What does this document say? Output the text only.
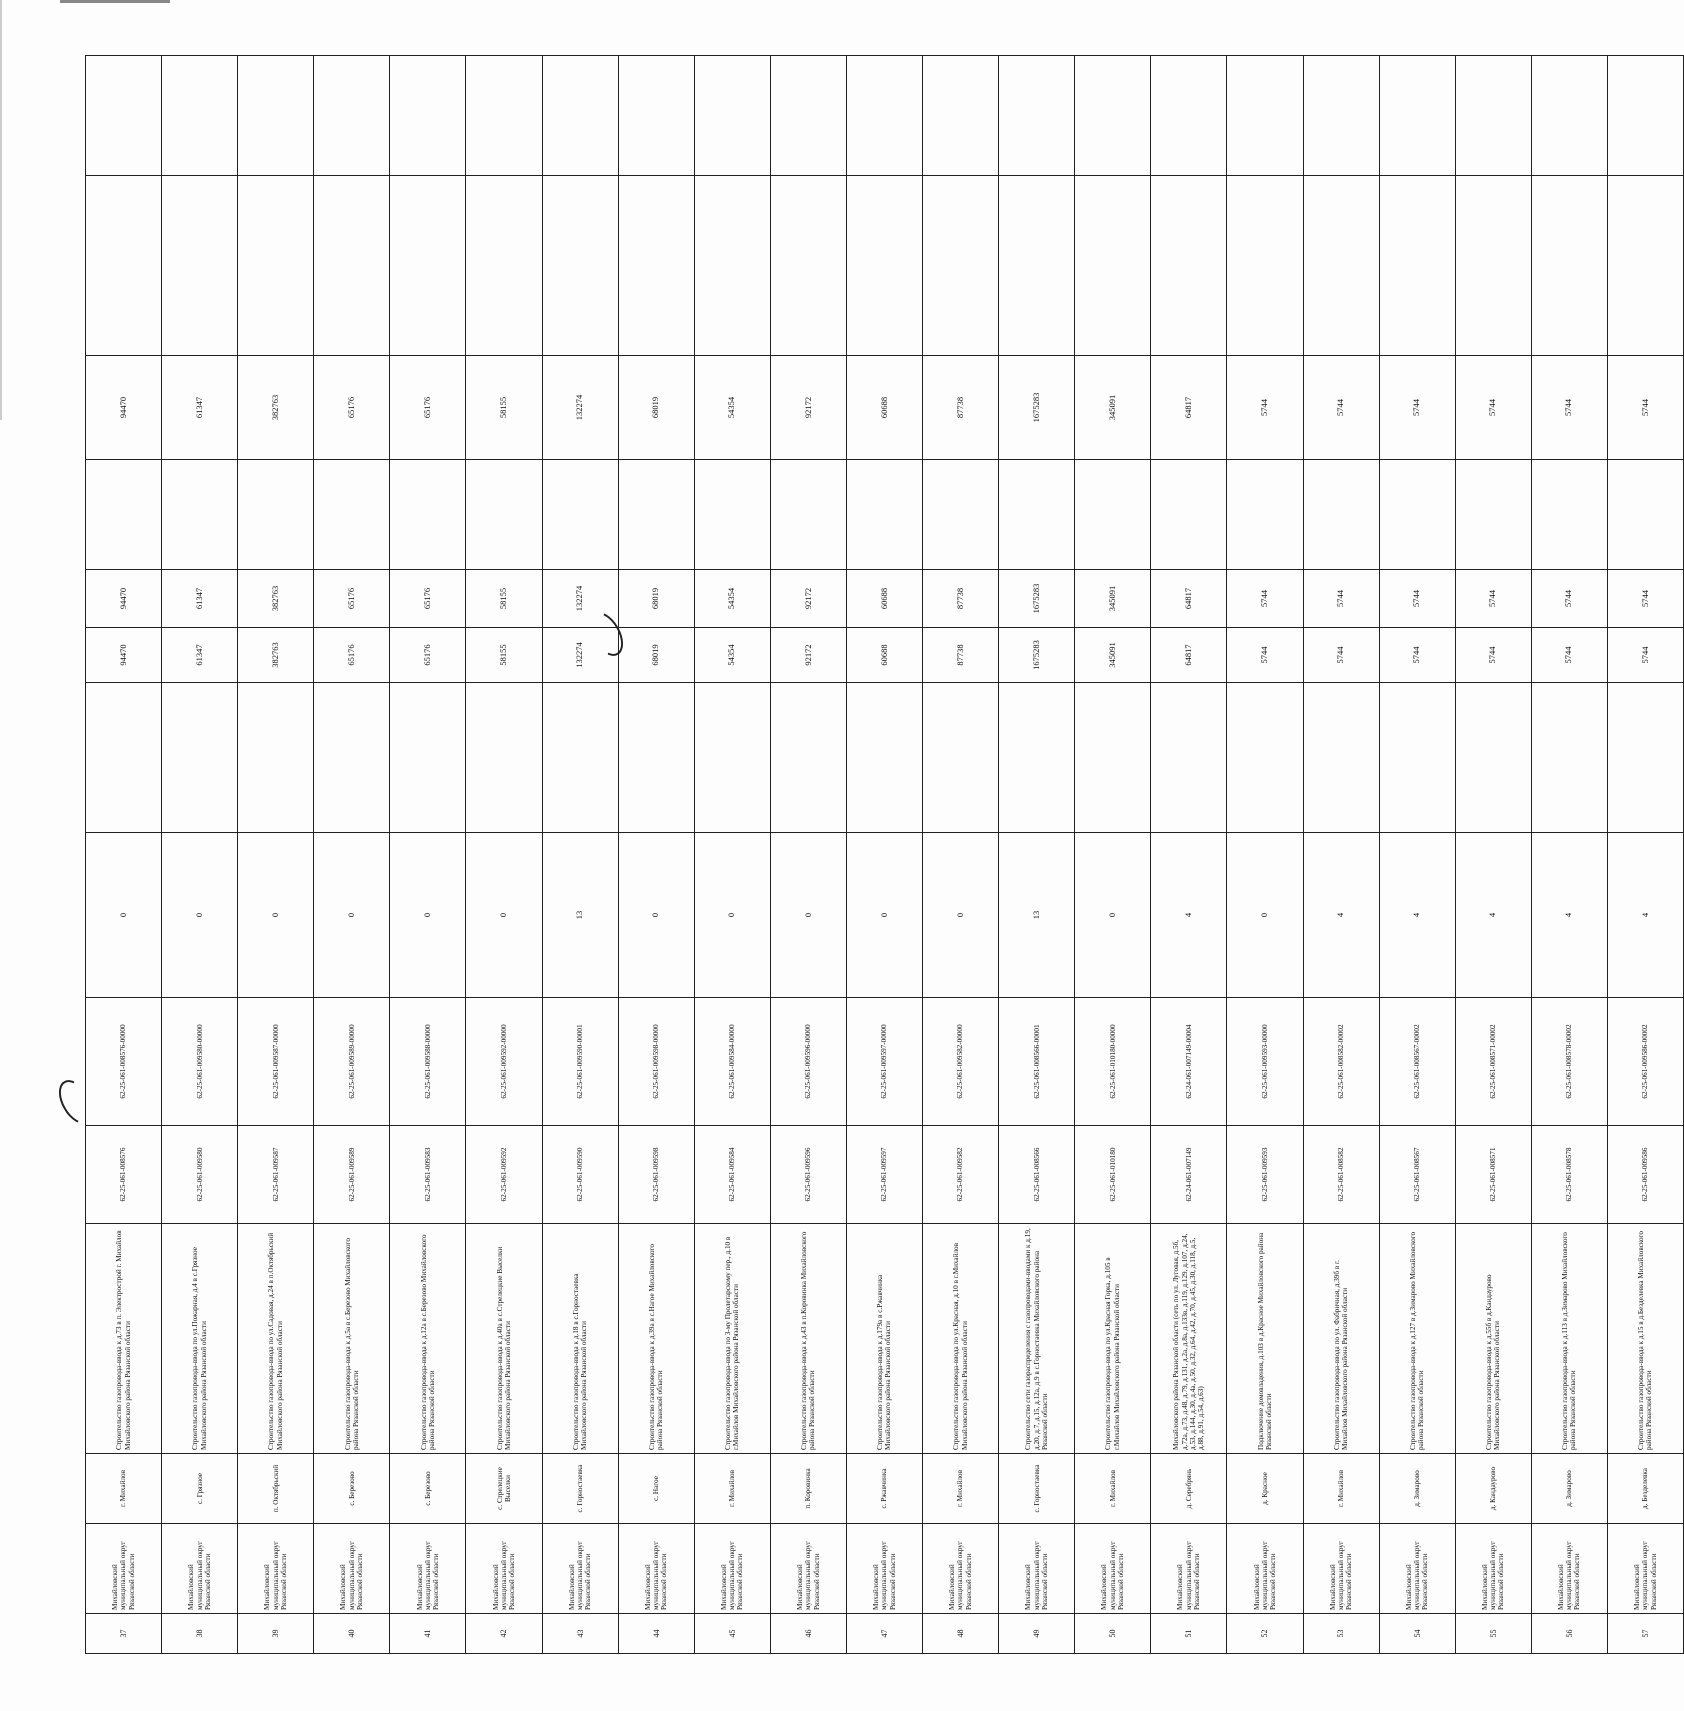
37	Михайловский муниципальный округ Рязанской области	г. Михайлов	Строительство газопровода-ввода к д.73 в п. Электрострой г. Михайлов Михайловского района Рязанской области	62-25-061-008576	62-25-061-008576-00000	0		94470	94470		94470		
38	Михайловский муниципальный округ Рязанской области	с. Грязное	Строительство газопровода-ввода по ул.Пожарная, д.4 в с.Грязное Михайловского района Рязанской области	62-25-061-009580	62-25-061-009580-00000	0		61347	61347		61347		
39	Михайловский муниципальный округ Рязанской области	п. Октябрьский	Строительство газопровода-ввода по ул.Садовая, д.24 в п.Октябрьский Михайловского района Рязанской области	62-25-061-009587	62-25-061-009587-00000	0		382763	382763		382763		
40	Михайловский муниципальный округ Рязанской области	с. Березово	Строительство газопровода-ввода к д.5а в с.Березово Михайловского района Рязанской области	62-25-061-009589	62-25-061-009589-00000	0		65176	65176		65176		
41	Михайловский муниципальный округ Рязанской области	с. Березово	Строительство газопровода-ввода к д.12а в с.Березово Михайловского района Рязанской области	62-25-061-009583	62-25-061-009588-00000	0		65176	65176		65176		
42	Михайловский муниципальный округ Рязанской области	с. Стрелецкие Выселки	Строительство газопровода-ввода к д.40а в с.Стрелецкие Выселки Михайловского района Рязанской области	62-25-061-009592	62-25-061-009592-00000	0		58155	58155		58155		
43	Михайловский муниципальный округ Рязанской области	с. Горностаевка	Строительство газопровода-ввода к д.18 в с.Горностаевка Михайловского района Рязанской области	62-25-061-009590	62-25-061-009590-00001	13		132274	132274		132274		
44	Михайловский муниципальный округ Рязанской области	с. Нагое	Строительство газопровода-ввода к д.39а в с.Нагое Михайловского района Рязанской области	62-25-061-009598	62-25-061-009598-00000	0		68019	68019		68019		
45	Михайловский муниципальный округ Рязанской области	г. Михайлов	Строительство газопровода-ввода по 3-му Пролетарскому пер., д.10 в г.Михайлов Михайловского района Рязанской области	62-25-061-009584	62-25-061-009584-00000	0		54354	54354		54354		
46	Михайловский муниципальный округ Рязанской области	п. Коровинка	Строительство газопровода-ввода к д.43 в п.Коровинка Михайловского района Рязанской области	62-25-061-009596	62-25-061-009596-00000	0		92172	92172		92172		
47	Михайловский муниципальный округ Рязанской области	с. Ржавчинка	Строительство газопровода-ввода к д.179а в с.Ржавчинка Михайловского района Рязанской области	62-25-061-009597	62-25-061-009597-00000	0		60688	60688		60688		
48	Михайловский муниципальный округ Рязанской области	г. Михайлов	Строительство газопровода-ввода по ул.Красная, д.10 в г.Михайлов Михайловского района Рязанской области	62-25-061-009582	62-25-061-009582-00000	0		87738	87738		87738		
49	Михайловский муниципальный округ Рязанской области	с. Горностаевка	Строительство сети газораспределения с газопроводами-вводами к д.19, д.20, д.7, д.15, д.12а, д.9 в с.Горностаевка Михайловского района Рязанской области	62-25-061-008566	62-25-061-008566-00001	13		1675283	1675283		1675283		
50	Михайловский муниципальный округ Рязанской области	г. Михайлов	Строительство газопровода-ввода по ул.Красная Горка, д.105 в г.Михайлов Михайловского района Рязанской области	62-25-061-010180	62-25-061-010180-00000	0		345091	345091		345091		
51	Михайловский муниципальный округ Рязанской области	д. Серебрянь	Михайловского района Рязанской области (сеть по ул. Луговая, д.5б, д.72а, д.73, д.48, д.79, д.131, д.2а, д.8а, д.133в, д.119, д.129, д.107, д.24, д.53, д.144, д.30, д.4а, д.50, д.32, д.64, д.42, д.70, д.45, д.30, д.118, д.5, д.88, д.91, д.54, д.63)	62-24-061-007149	62-24-061-007149-00004	4		64817	64817		64817		
52	Михайловский муниципальный округ Рязанской области	д. Красное	Подключение домовладения, д.103 в д.Красное Михайловского района Рязанской области	62-25-061-009593	62-25-061-009593-00000	0		5744	5744		5744		
53	Михайловский муниципальный округ Рязанской области	г. Михайлов	Строительство газопровода-ввода по ул. Фабричная, д.39б в г. Михайлов Михайловского района Рязанской области	62-25-061-008582	62-25-061-008582-00002	4		5744	5744		5744		
54	Михайловский муниципальный округ Рязанской области	д. Зимарово	Строительство газопровода-ввода к д.127 в д.Зимарово Михайловского района Рязанской области	62-25-061-008567	62-25-061-008567-00002	4		5744	5744		5744		
55	Михайловский муниципальный округ Рязанской области	д. Кандаурово	Строительство газопровода-ввода к д.55б в д.Кандаурово Михайловского района Рязанской области	62-25-061-008571	62-25-061-008571-00002	4		5744	5744		5744		
56	Михайловский муниципальный округ Рязанской области	д. Зимарово	Строительство газопровода-ввода к д.113 в д.Зимарово Михайловского района Рязанской области	62-25-061-008578	62-25-061-008578-00002	4		5744	5744		5744		
57	Михайловский муниципальный округ Рязанской области	д. Безделевка	Строительство газопровода-ввода к д.15 в д.Безделевка Михайловского района Рязанской области	62-25-061-009586	62-25-061-009586-00002	4		5744	5744		5744		
